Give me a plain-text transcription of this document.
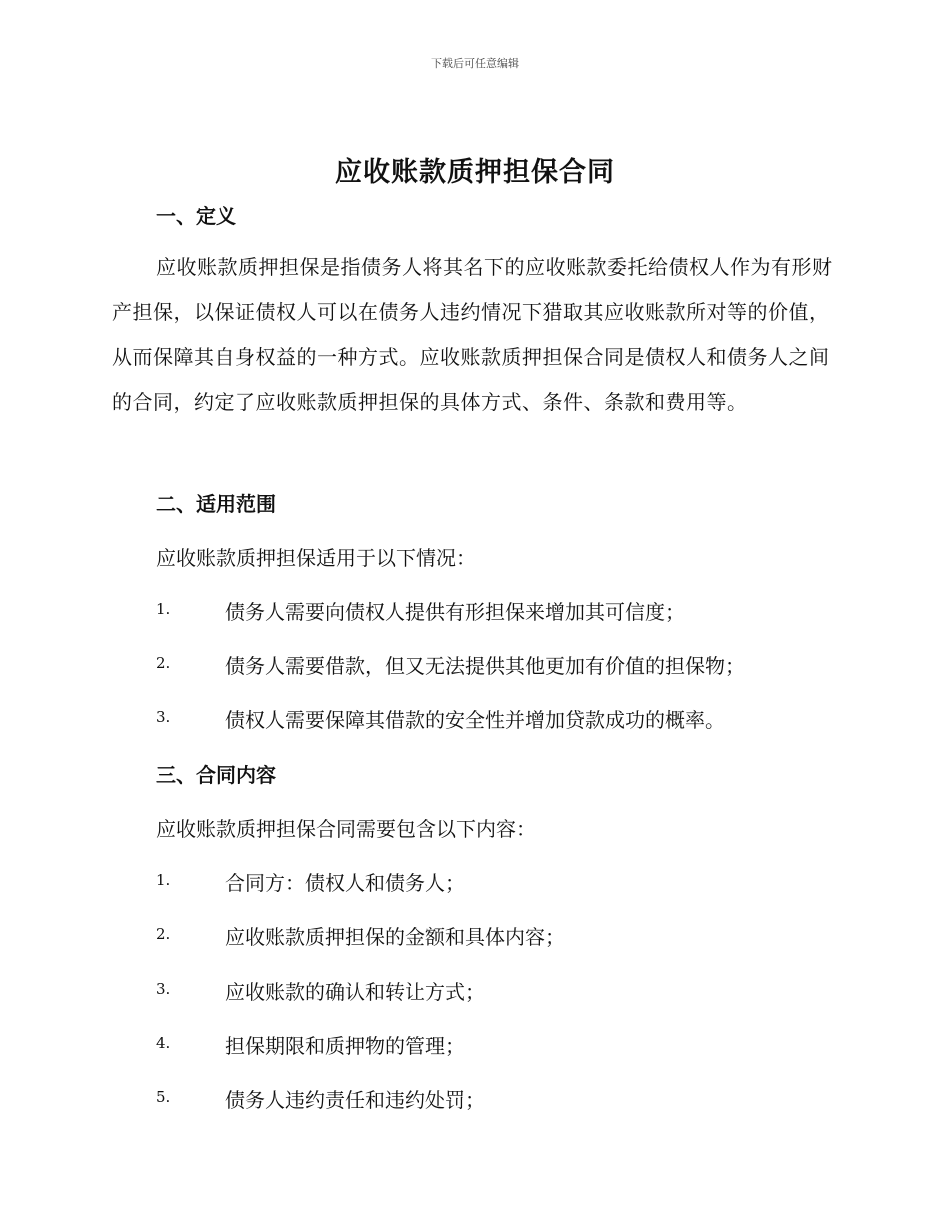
下载后可任意编辑
应收账款质押担保合同
一、定义

应收账款质押担保是指债务人将其名下的应收账款委托给债权人作为有形财产担保，以保证债权人可以在债务人违约情况下猎取其应收账款所对等的价值，从而保障其自身权益的一种方式。应收账款质押担保合同是债权人和债务人之间的合同，约定了应收账款质押担保的具体方式、条件、条款和费用等。

二、适用范围

应收账款质押担保适用于以下情况：

1.	债务人需要向债权人提供有形担保来增加其可信度；
2.	债务人需要借款，但又无法提供其他更加有价值的担保物；
3.	债权人需要保障其借款的安全性并增加贷款成功的概率。
三、合同内容

应收账款质押担保合同需要包含以下内容：

1.	合同方：债权人和债务人；
2.	应收账款质押担保的金额和具体内容；
3.	应收账款的确认和转让方式；
4.	担保期限和质押物的管理；
5.	债务人违约责任和违约处罚；
